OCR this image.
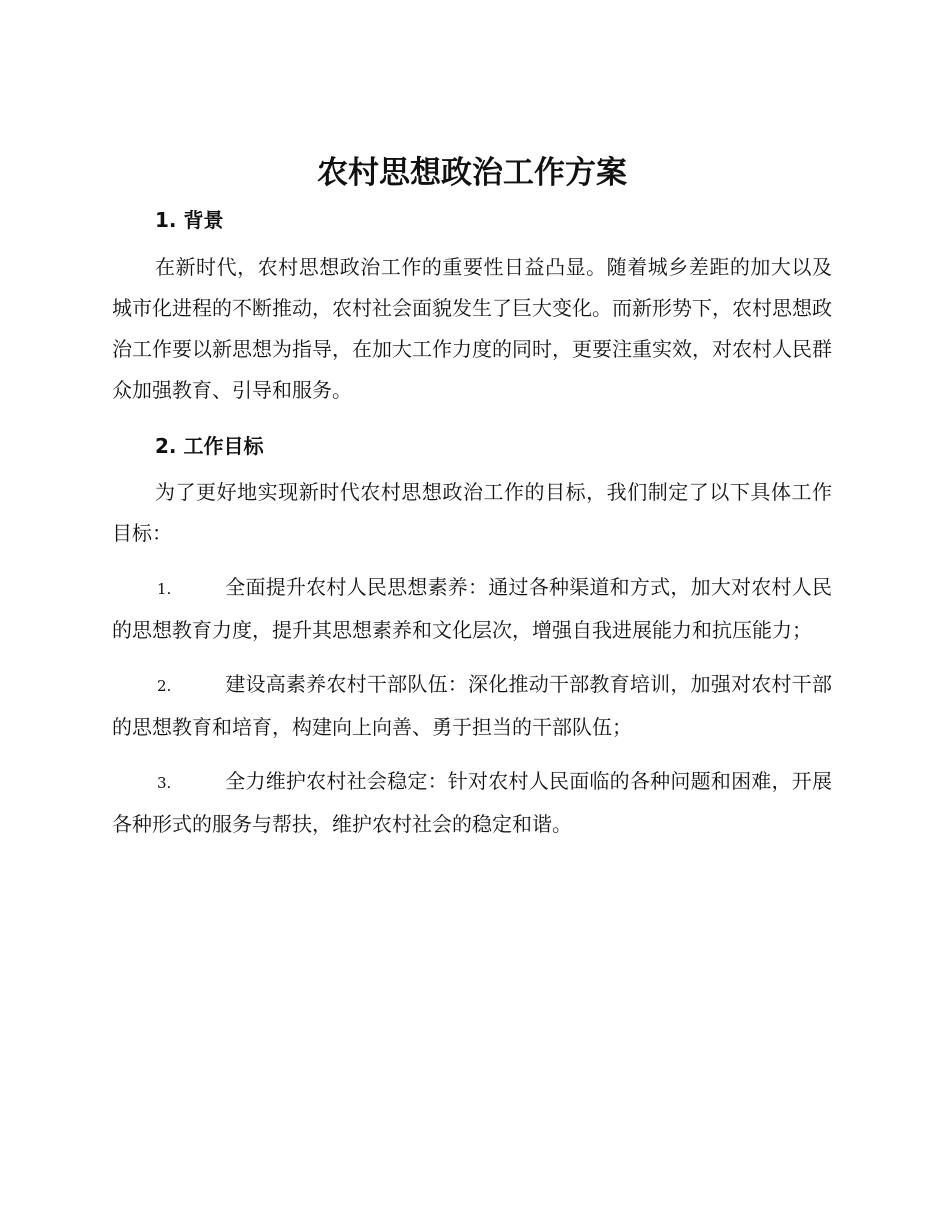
农村思想政治工作方案
1. 背景

在新时代，农村思想政治工作的重要性日益凸显。随着城乡差距的加大以及城市化进程的不断推动，农村社会面貌发生了巨大变化。而新形势下，农村思想政治工作要以新思想为指导，在加大工作力度的同时，更要注重实效，对农村人民群众加强教育、引导和服务。

2. 工作目标

为了更好地实现新时代农村思想政治工作的目标，我们制定了以下具体工作目标：

1.	全面提升农村人民思想素养：通过各种渠道和方式，加大对农村人民的思想教育力度，提升其思想素养和文化层次，增强自我进展能力和抗压能力；

2.	建设高素养农村干部队伍：深化推动干部教育培训，加强对农村干部的思想教育和培育，构建向上向善、勇于担当的干部队伍；

3.	全力维护农村社会稳定：针对农村人民面临的各种问题和困难，开展各种形式的服务与帮扶，维护农村社会的稳定和谐。
